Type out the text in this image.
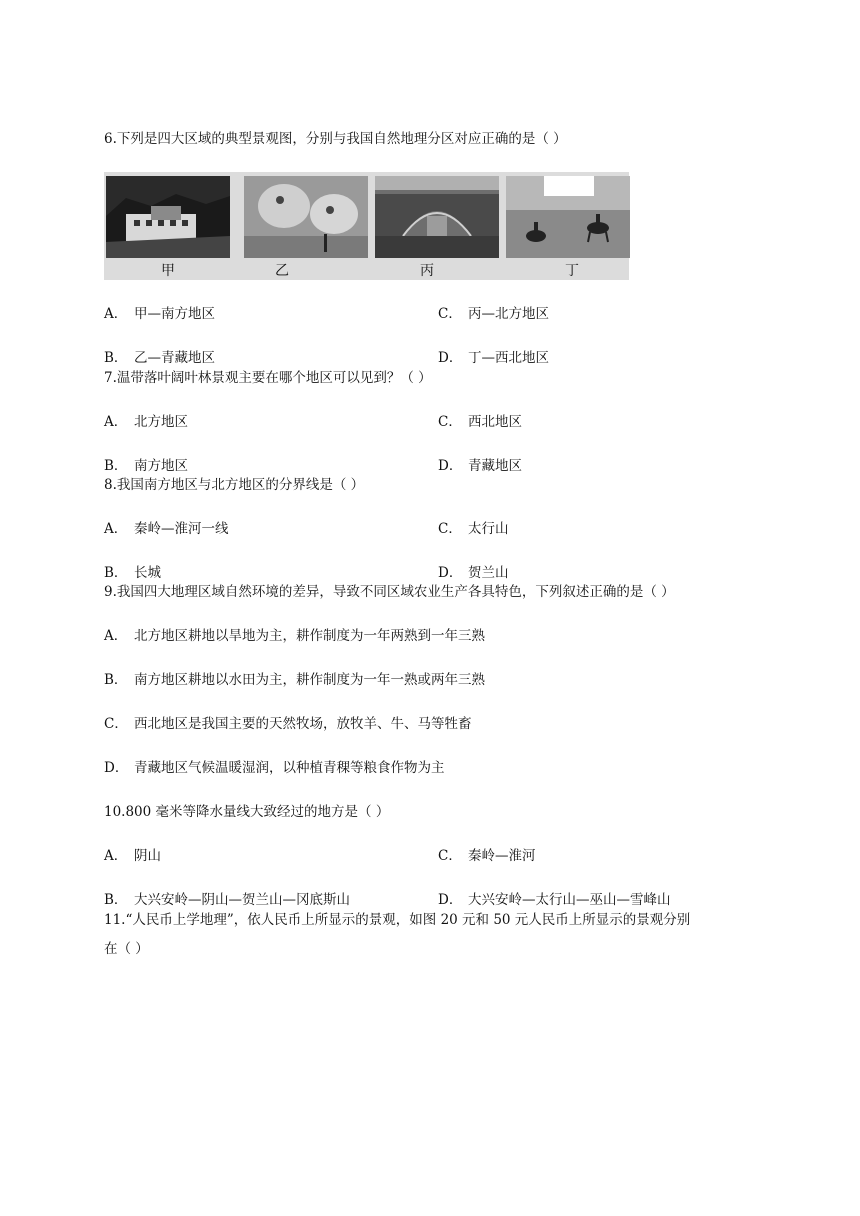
6.下列是四大区域的典型景观图，分别与我国自然地理分区对应正确的是（ ）
甲	乙	丙	丁
A． 甲—南方地区	C． 丙—北方地区
B． 乙—青藏地区	D． 丁—西北地区
7.温带落叶阔叶林景观主要在哪个地区可以见到？（ ）
A． 北方地区	C． 西北地区
B． 南方地区	D． 青藏地区
8.我国南方地区与北方地区的分界线是（ ）
A． 秦岭—淮河一线	C． 太行山
B． 长城	D． 贺兰山
9.我国四大地理区域自然环境的差异，导致不同区域农业生产各具特色，下列叙述正确的是（ ）
A． 北方地区耕地以旱地为主，耕作制度为一年两熟到一年三熟
B． 南方地区耕地以水田为主，耕作制度为一年一熟或两年三熟
C． 西北地区是我国主要的天然牧场，放牧羊、牛、马等牲畜
D． 青藏地区气候温暖湿润，以种植青稞等粮食作物为主
10.800 毫米等降水量线大致经过的地方是（ ）
A． 阴山	C． 秦岭—淮河
B． 大兴安岭—阴山—贺兰山—冈底斯山	D． 大兴安岭—太行山—巫山—雪峰山
11.“人民币上学地理”，依人民币上所显示的景观，如图 20 元和 50 元人民币上所显示的景观分别
在（ ）
